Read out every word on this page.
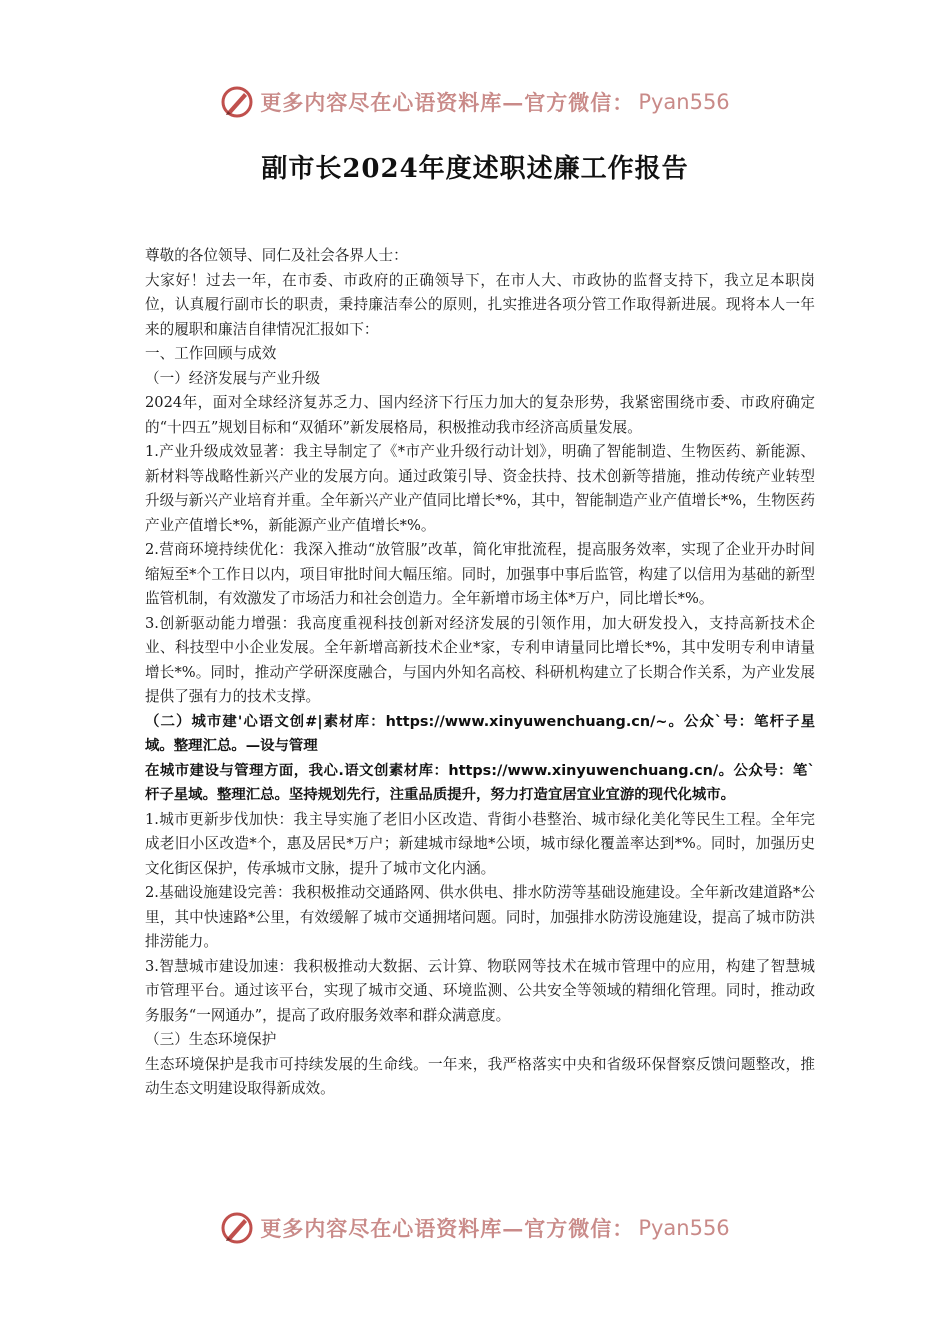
更多内容尽在心语资料库—官方微信： Pyan556
副市长2024年度述职述廉工作报告

尊敬的各位领导、同仁及社会各界人士：

大家好！过去一年，在市委、市政府的正确领导下，在市人大、市政协的监督支持下，我立足本职岗位，认真履行副市长的职责，秉持廉洁奉公的原则，扎实推进各项分管工作取得新进展。现将本人一年来的履职和廉洁自律情况汇报如下：

一、工作回顾与成效

（一）经济发展与产业升级

2024年，面对全球经济复苏乏力、国内经济下行压力加大的复杂形势，我紧密围绕市委、市政府确定的“十四五”规划目标和“双循环”新发展格局，积极推动我市经济高质量发展。

1.产业升级成效显著：我主导制定了《*市产业升级行动计划》，明确了智能制造、生物医药、新能源、新材料等战略性新兴产业的发展方向。通过政策引导、资金扶持、技术创新等措施，推动传统产业转型升级与新兴产业培育并重。全年新兴产业产值同比增长*%，其中，智能制造产业产值增长*%，生物医药产业产值增长*%，新能源产业产值增长*%。

2.营商环境持续优化：我深入推动“放管服”改革，简化审批流程，提高服务效率，实现了企业开办时间缩短至*个工作日以内，项目审批时间大幅压缩。同时，加强事中事后监管，构建了以信用为基础的新型监管机制，有效激发了市场活力和社会创造力。全年新增市场主体*万户，同比增长*%。

3.创新驱动能力增强：我高度重视科技创新对经济发展的引领作用，加大研发投入，支持高新技术企业、科技型中小企业发展。全年新增高新技术企业*家，专利申请量同比增长*%，其中发明专利申请量增长*%。同时，推动产学研深度融合，与国内外知名高校、科研机构建立了长期合作关系，为产业发展提供了强有力的技术支撑。

（二）城市建'心语文创#|素材库：https://www.xinyuwenchuang.cn/~。公众`号：笔杆子星域。整理汇总。—设与管理

在城市建设与管理方面，我心.语文创素材库：https://www.xinyuwenchuang.cn/。公众号：笔`杆子星域。整理汇总。坚持规划先行，注重品质提升，努力打造宜居宜业宜游的现代化城市。

1.城市更新步伐加快：我主导实施了老旧小区改造、背街小巷整治、城市绿化美化等民生工程。全年完成老旧小区改造*个，惠及居民*万户；新建城市绿地*公顷，城市绿化覆盖率达到*%。同时，加强历史文化街区保护，传承城市文脉，提升了城市文化内涵。

2.基础设施建设完善：我积极推动交通路网、供水供电、排水防涝等基础设施建设。全年新改建道路*公里，其中快速路*公里，有效缓解了城市交通拥堵问题。同时，加强排水防涝设施建设，提高了城市防洪排涝能力。

3.智慧城市建设加速：我积极推动大数据、云计算、物联网等技术在城市管理中的应用，构建了智慧城市管理平台。通过该平台，实现了城市交通、环境监测、公共安全等领域的精细化管理。同时，推动政务服务“一网通办”，提高了政府服务效率和群众满意度。

（三）生态环境保护

生态环境保护是我市可持续发展的生命线。一年来，我严格落实中央和省级环保督察反馈问题整改，推动生态文明建设取得新成效。

更多内容尽在心语资料库—官方微信： Pyan556
